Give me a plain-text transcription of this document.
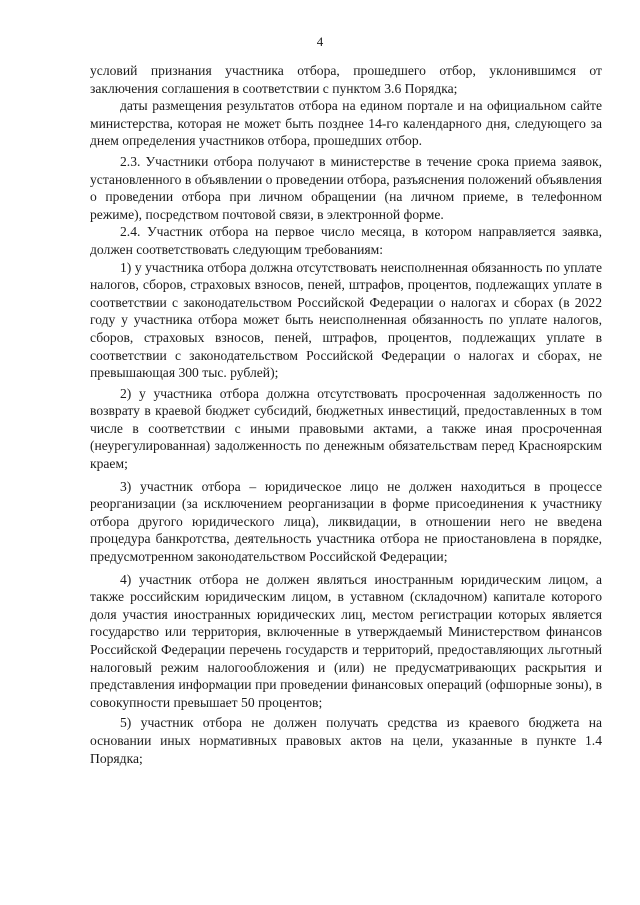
4

условий признания участника отбора, прошедшего отбор, уклонившимся от заключения соглашения в соответствии с пунктом 3.6 Порядка;

даты размещения результатов отбора на едином портале и на официальном сайте министерства, которая не может быть позднее 14-го календарного дня, следующего за днем определения участников отбора, прошедших отбор.

2.3. Участники отбора получают в министерстве в течение срока приема заявок, установленного в объявлении о проведении отбора, разъяснения положений объявления о проведении отбора при личном обращении (на личном приеме, в телефонном режиме), посредством почтовой связи, в электронной форме.

2.4. Участник отбора на первое число месяца, в котором направляется заявка, должен соответствовать следующим требованиям:

1) у участника отбора должна отсутствовать неисполненная обязанность по уплате налогов, сборов, страховых взносов, пеней, штрафов, процентов, подлежащих уплате в соответствии с законодательством Российской Федерации о налогах и сборах (в 2022 году у участника отбора может быть неисполненная обязанность по уплате налогов, сборов, страховых взносов, пеней, штрафов, процентов, подлежащих уплате в соответствии с законодательством Российской Федерации о налогах и сборах, не превышающая 300 тыс. рублей);

2) у участника отбора должна отсутствовать просроченная задолженность по возврату в краевой бюджет субсидий, бюджетных инвестиций, предоставленных в том числе в соответствии с иными правовыми актами, а также иная просроченная (неурегулированная) задолженность по денежным обязательствам перед Красноярским краем;

3) участник отбора – юридическое лицо не должен находиться в процессе реорганизации (за исключением реорганизации в форме присоединения к участнику отбора другого юридического лица), ликвидации, в отношении него не введена процедура банкротства, деятельность участника отбора не приостановлена в порядке, предусмотренном законодательством Российской Федерации;

4) участник отбора не должен являться иностранным юридическим лицом, а также российским юридическим лицом, в уставном (складочном) капитале которого доля участия иностранных юридических лиц, местом регистрации которых является государство или территория, включенные в утверждаемый Министерством финансов Российской Федерации перечень государств и территорий, предоставляющих льготный налоговый режим налогообложения и (или) не предусматривающих раскрытия и представления информации при проведении финансовых операций (офшорные зоны), в совокупности превышает 50 процентов;

5) участник отбора не должен получать средства из краевого бюджета на основании иных нормативных правовых актов на цели, указанные в пункте 1.4 Порядка;
